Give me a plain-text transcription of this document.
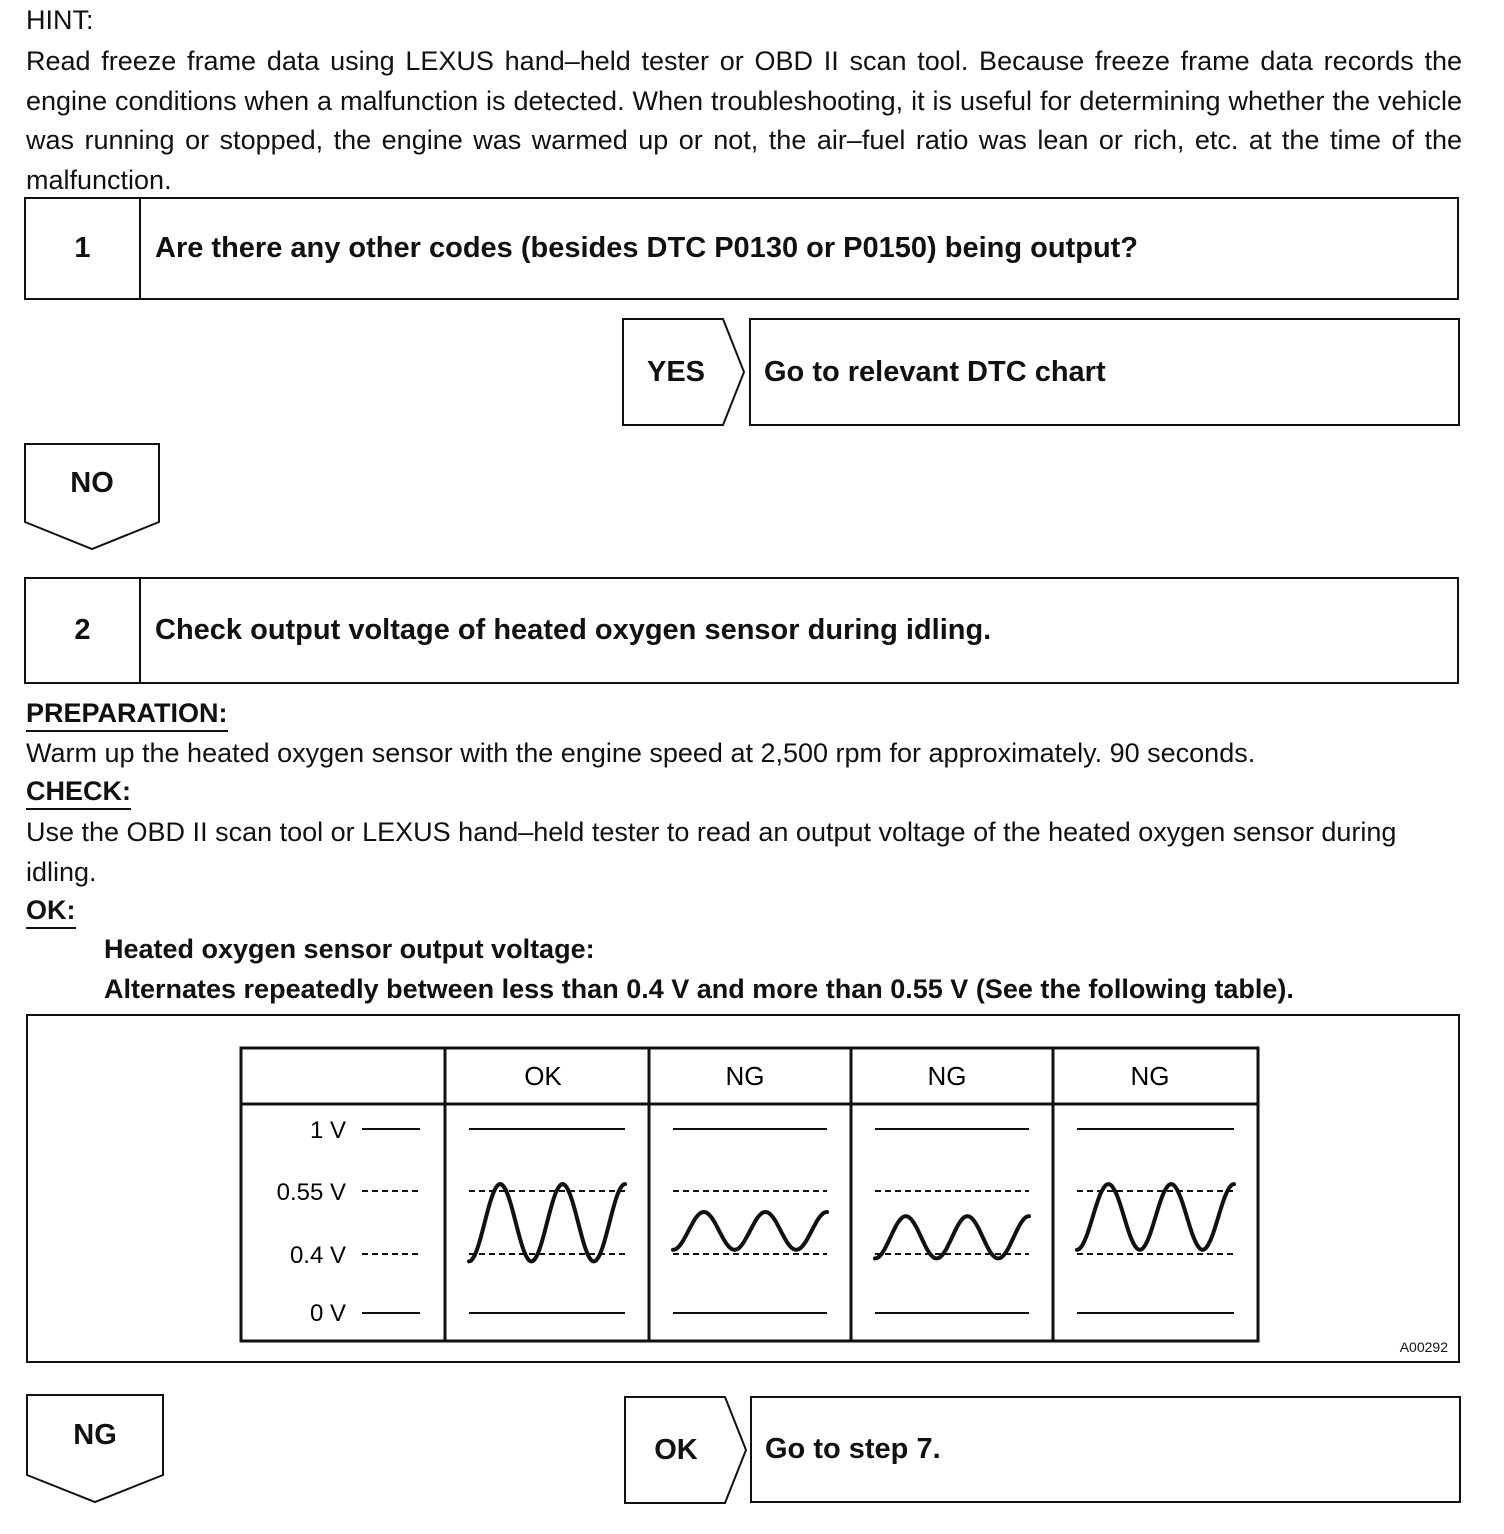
HINT:

Read freeze frame data using LEXUS hand–held tester or OBD II scan tool. Because freeze frame data records the engine conditions when a malfunction is detected. When troubleshooting, it is useful for determining whether the vehicle was running or stopped, the engine was warmed up or not, the air–fuel ratio was lean or rich, etc. at the time of the malfunction.

1	Are there any other codes (besides DTC P0130 or P0150) being output?
YES	Go to relevant DTC chart
NO
2	Check output voltage of heated oxygen sensor during idling.
PREPARATION:

Warm up the heated oxygen sensor with the engine speed at 2,500 rpm for approximately. 90 seconds.

CHECK:

Use the OBD II scan tool or LEXUS hand–held tester to read an output voltage of the heated oxygen sensor during idling.

OK:
Heated oxygen sensor output voltage:
Alternates repeatedly between less than 0.4 V and more than 0.55 V (See the following table).
OK	NG	NG	NG
1 V
0.55 V
0.4 V
0 V
A00292
NG	OK	Go to step 7.
